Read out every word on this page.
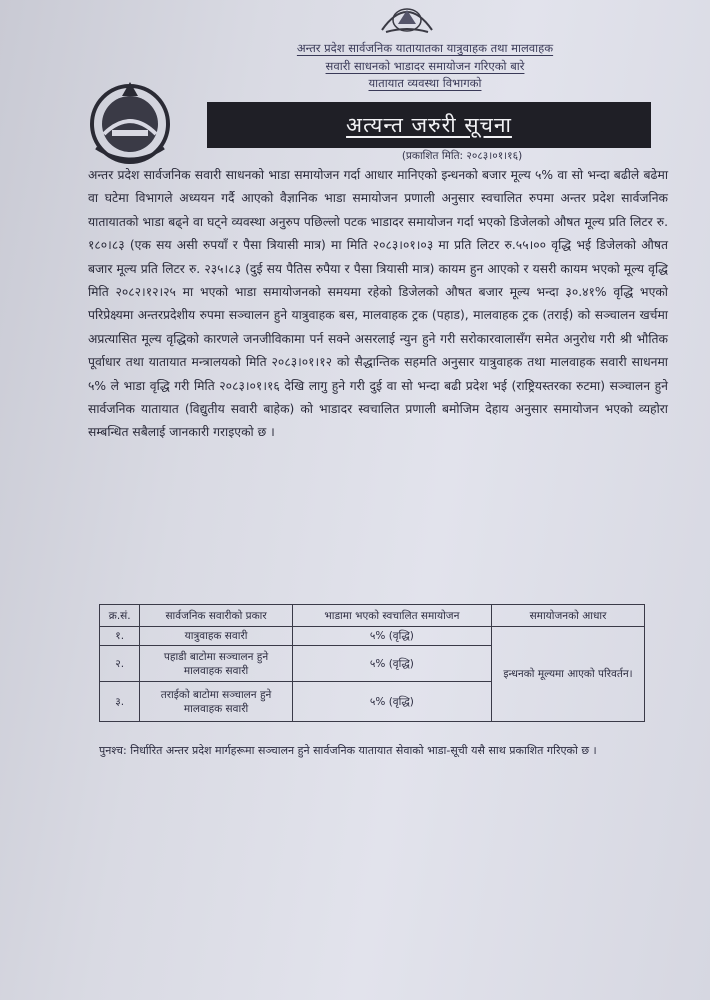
अन्तर प्रदेश सार्वजनिक यातायातका यात्रुवाहक तथा मालवाहक
सवारी साधनको भाडादर समायोजन गरिएको बारे
यातायात व्यवस्था विभागको
अत्यन्त जरुरी सूचना
(प्रकाशित मिति: २०८३।०१।१६)
अन्तर प्रदेश सार्वजनिक सवारी साधनको भाडा समायोजन गर्दा आधार मानिएको इन्धनको बजार मूल्य ५% वा सो भन्दा बढीले बढेमा वा घटेमा विभागले अध्ययन गर्दै आएको वैज्ञानिक भाडा समायोजन प्रणाली अनुसार स्वचालित रुपमा अन्तर प्रदेश सार्वजनिक यातायातको भाडा बढ्ने वा घट्ने व्यवस्था अनुरुप पछिल्लो पटक भाडादर समायोजन गर्दा भएको डिजेलको औषत मूल्य प्रति लिटर रु. १८०।८३ (एक सय असी रुपयाँ र पैसा त्रियासी मात्र) मा मिति २०८३।०१।०३ मा प्रति लिटर रु.५५।०० वृद्धि भई डिजेलको औषत बजार मूल्य प्रति लिटर रु. २३५।८३ (दुई सय पैतिस रुपैया र पैसा त्रियासी मात्र) कायम हुन आएको र यसरी कायम भएको मूल्य वृद्धि मिति २०८२।१२।२५ मा भएको भाडा समायोजनको समयमा रहेको डिजेलको औषत बजार मूल्य भन्दा ३०.४१% वृद्धि भएको परिप्रेक्ष्यमा अन्तरप्रदेशीय रुपमा सञ्चालन हुने यात्रुवाहक बस, मालवाहक ट्रक (पहाड), मालवाहक ट्रक (तराई) को सञ्चालन खर्चमा अप्रत्यासित मूल्य वृद्धिको कारणले जनजीविकामा पर्न सक्ने असरलाई न्युन हुने गरी सरोकारवालासँग समेत अनुरोध गरी श्री भौतिक पूर्वाधार तथा यातायात मन्त्रालयको मिति २०८३।०१।१२ को सैद्धान्तिक सहमति अनुसार यात्रुवाहक तथा मालवाहक सवारी साधनमा ५% ले भाडा वृद्धि गरी मिति २०८३।०१।१६ देखि लागु हुने गरी दुई वा सो भन्दा बढी प्रदेश भई (राष्ट्रियस्तरका रुटमा) सञ्चालन हुने सार्वजनिक यातायात (विद्युतीय सवारी बाहेक) को भाडादर स्वचालित प्रणाली बमोजिम देहाय अनुसार समायोजन भएको व्यहोरा सम्बन्धित सबैलाई जानकारी गराइएको छ ।
क्र.सं.	सार्वजनिक सवारीको प्रकार	भाडामा भएको स्वचालित समायोजन	समायोजनको आधार
१.	यात्रुवाहक सवारी	५% (वृद्धि)	इन्धनको मूल्यमा आएको परिवर्तन।
२.	पहाडी बाटोमा सञ्चालन हुने मालवाहक सवारी	५% (वृद्धि)	
३.	तराईको बाटोमा सञ्चालन हुने मालवाहक सवारी	५% (वृद्धि)	
पुनश्च: निर्धारित अन्तर प्रदेश मार्गहरूमा सञ्चालन हुने सार्वजनिक यातायात सेवाको भाडा-सूची यसै साथ प्रकाशित गरिएको छ ।
